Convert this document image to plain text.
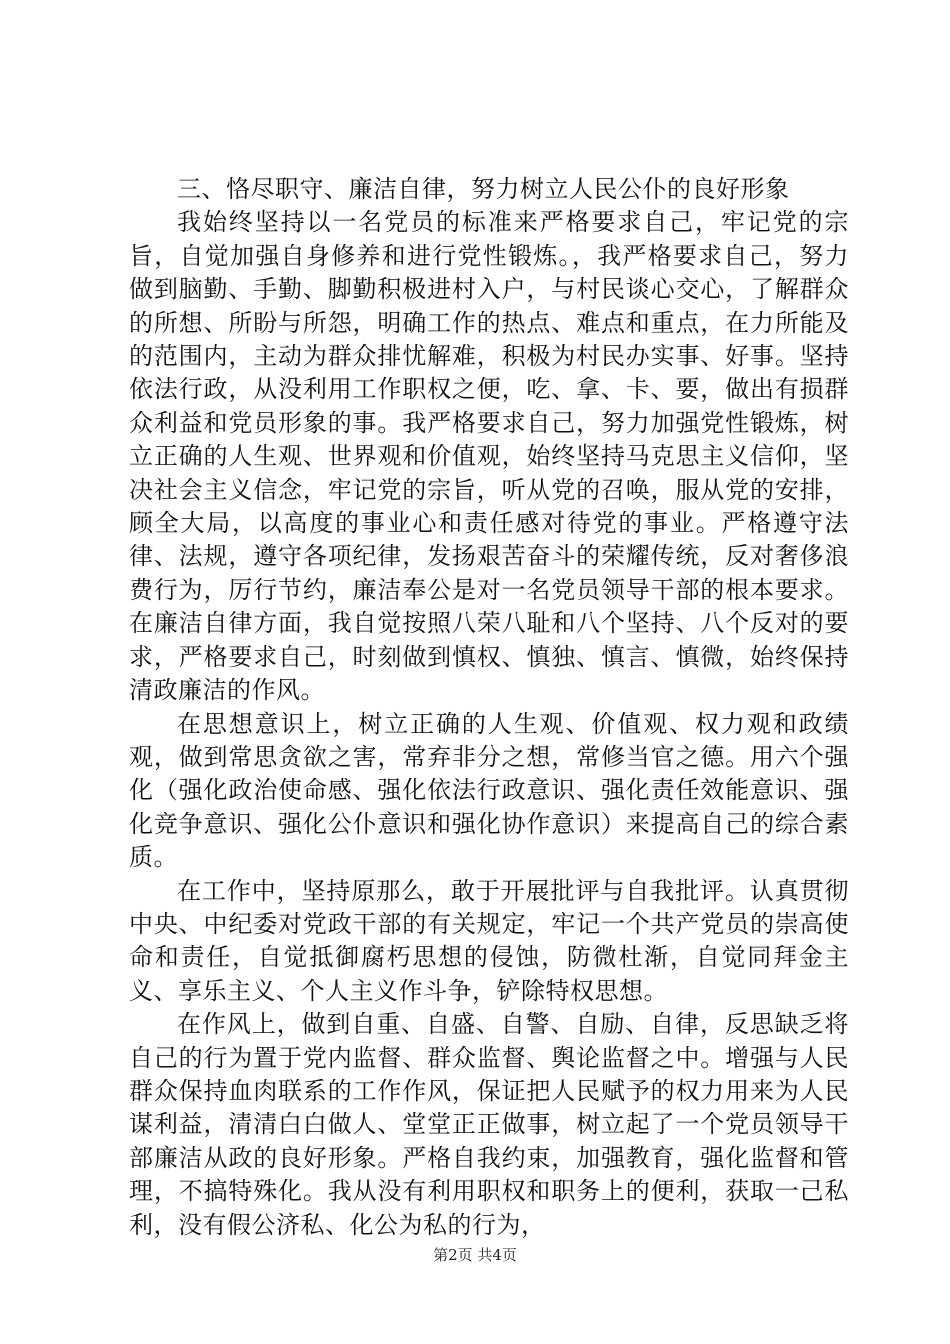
三、恪尽职守、廉洁自律，努力树立人民公仆的良好形象

我始终坚持以一名党员的标准来严格要求自己，牢记党的宗旨，自觉加强自身修养和进行党性锻炼。，我严格要求自己，努力做到脑勤、手勤、脚勤积极进村入户，与村民谈心交心，了解群众的所想、所盼与所怨，明确工作的热点、难点和重点，在力所能及的范围内，主动为群众排忧解难，积极为村民办实事、好事。坚持依法行政，从没利用工作职权之便，吃、拿、卡、要，做出有损群众利益和党员形象的事。我严格要求自己，努力加强党性锻炼，树立正确的人生观、世界观和价值观，始终坚持马克思主义信仰，坚决社会主义信念，牢记党的宗旨，听从党的召唤，服从党的安排，顾全大局，以高度的事业心和责任感对待党的事业。严格遵守法律、法规，遵守各项纪律，发扬艰苦奋斗的荣耀传统，反对奢侈浪费行为，厉行节约，廉洁奉公是对一名党员领导干部的根本要求。在廉洁自律方面，我自觉按照八荣八耻和八个坚持、八个反对的要求，严格要求自己，时刻做到慎权、慎独、慎言、慎微，始终保持清政廉洁的作风。

在思想意识上，树立正确的人生观、价值观、权力观和政绩观，做到常思贪欲之害，常弃非分之想，常修当官之德。用六个强化（强化政治使命感、强化依法行政意识、强化责任效能意识、强化竞争意识、强化公仆意识和强化协作意识）来提高自己的综合素质。

在工作中，坚持原那么，敢于开展批评与自我批评。认真贯彻中央、中纪委对党政干部的有关规定，牢记一个共产党员的崇高使命和责任，自觉抵御腐朽思想的侵蚀，防微杜渐，自觉同拜金主义、享乐主义、个人主义作斗争，铲除特权思想。

在作风上，做到自重、自盛、自警、自励、自律，反思缺乏将自己的行为置于党内监督、群众监督、舆论监督之中。增强与人民群众保持血肉联系的工作作风，保证把人民赋予的权力用来为人民谋利益，清清白白做人、堂堂正正做事，树立起了一个党员领导干部廉洁从政的良好形象。严格自我约束，加强教育，强化监督和管理，不搞特殊化。我从没有利用职权和职务上的便利，获取一己私利，没有假公济私、化公为私的行为，

第2页 共4页
